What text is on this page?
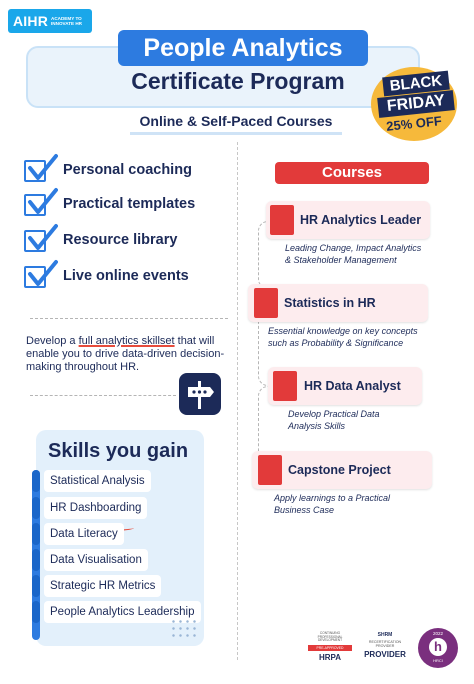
AIHR ACADEMY TO
INNOVATE HR
People Analytics
Certificate Program	BLACK
FRIDAY
25% OFF
Online & Self-Paced Courses
Personal coaching
Practical templates
Resource library
Live online events
Develop a full analytics skillset that will enable you to drive data-driven decision-making throughout HR.
Skills you gain
Statistical Analysis
HR Dashboarding
Data Literacy
Data Visualisation
Strategic HR Metrics
People Analytics Leadership
Courses
HR Analytics Leader
Leading Change, Impact Analytics
& Stakeholder Management
Statistics in HR
Essential knowledge on key concepts
such as Probability & Significance
HR Data Analyst
Develop Practical Data
Analysis Skills
Capstone Project
Apply learnings to a Practical
Business Case
CONTINUING
PROFESSIONAL
DEVELOPMENT
PRE-APPROVED
HRPA
SHRM
RECERTIFICATION
PROVIDER
PROVIDER
2022
h
HRCI
